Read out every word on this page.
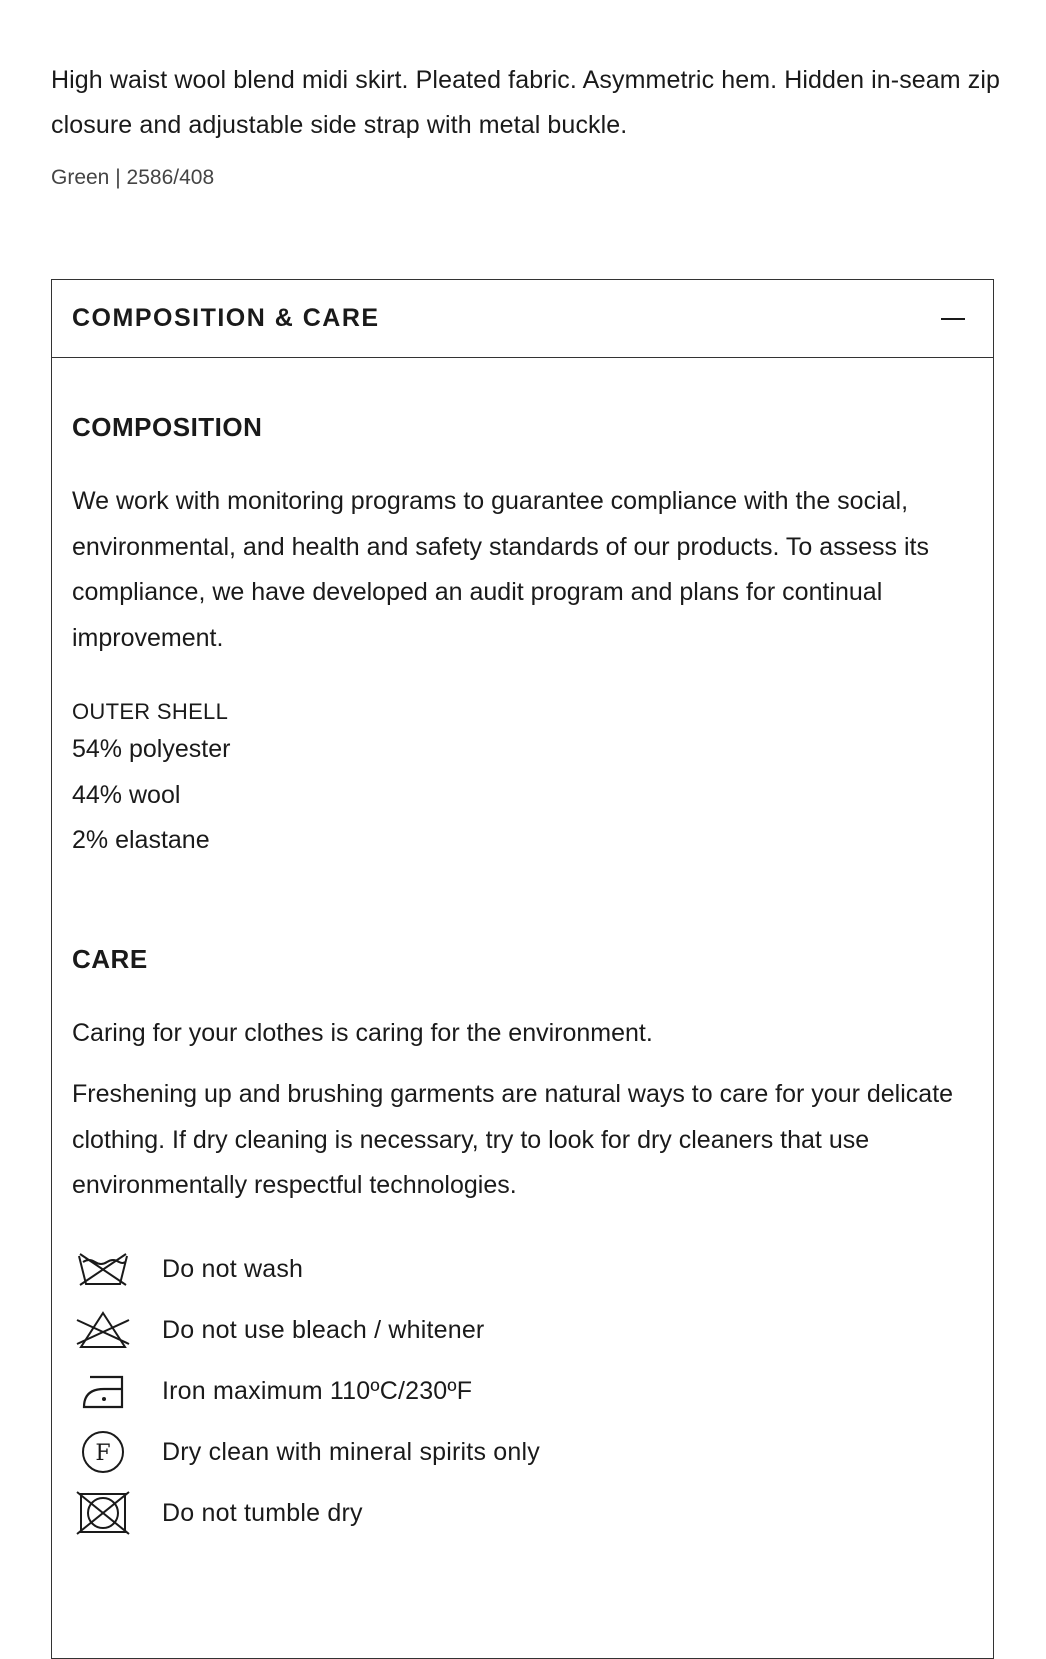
High waist wool blend midi skirt. Pleated fabric. Asymmetric hem. Hidden in-seam zip closure and adjustable side strap with metal buckle.

Green | 2586/408
COMPOSITION & CARE
COMPOSITION

We work with monitoring programs to guarantee compliance with the social, environmental, and health and safety standards of our products. To assess its compliance, we have developed an audit program and plans for continual improvement.

OUTER SHELL
54% polyester
44% wool
2% elastane
CARE

Caring for your clothes is caring for the environment.

Freshening up and brushing garments are natural ways to care for your delicate clothing. If dry cleaning is necessary, try to look for dry cleaners that use environmentally respectful technologies.

Do not wash
Do not use bleach / whitener
Iron maximum 110ºC/230ºF
F Dry clean with mineral spirits only
Do not tumble dry
